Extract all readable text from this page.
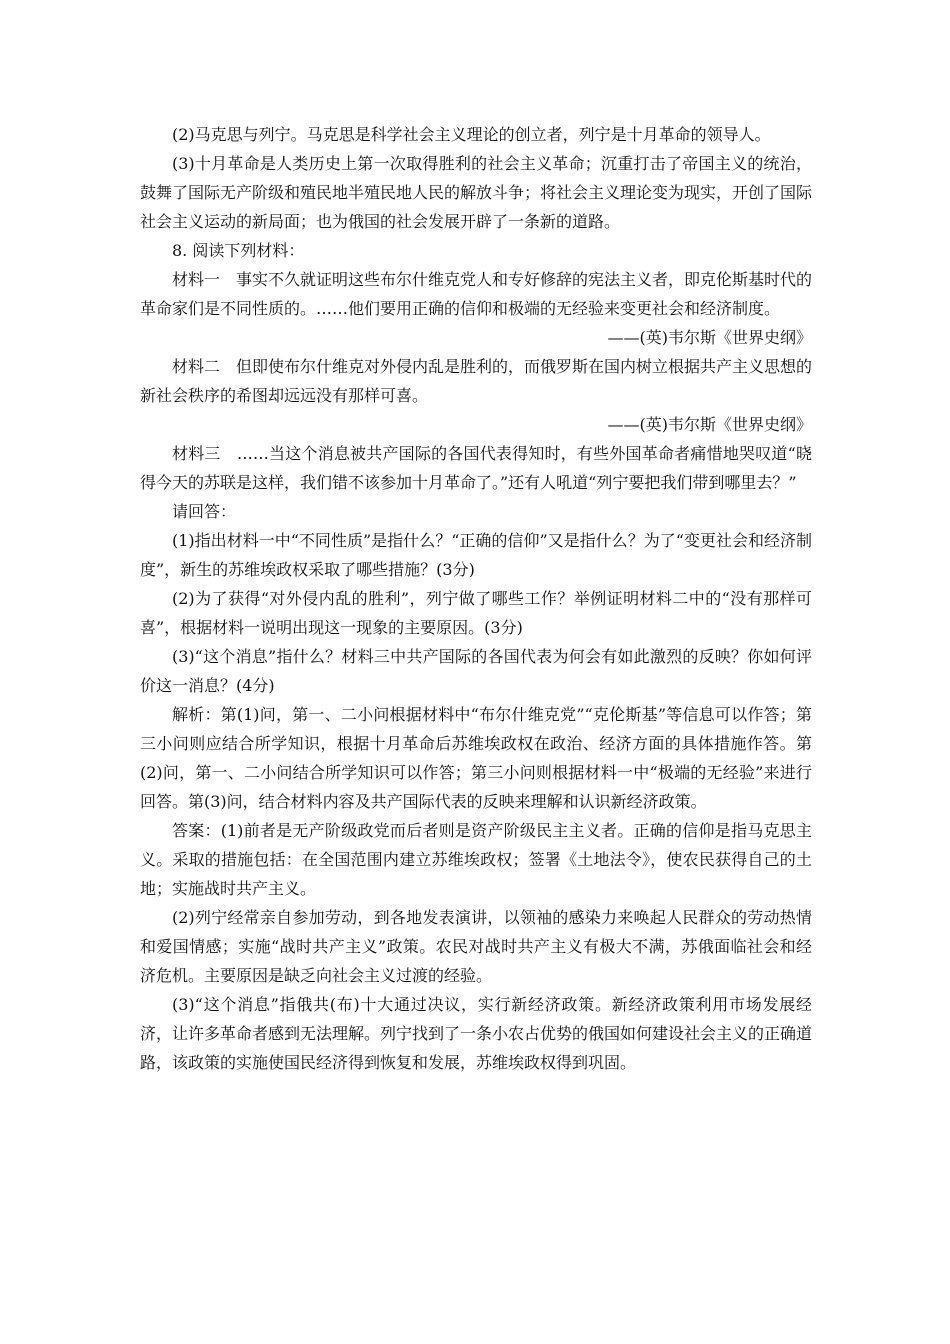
(2)马克思与列宁。马克思是科学社会主义理论的创立者，列宁是十月革命的领导人。

(3)十月革命是人类历史上第一次取得胜利的社会主义革命；沉重打击了帝国主义的统治，鼓舞了国际无产阶级和殖民地半殖民地人民的解放斗争；将社会主义理论变为现实，开创了国际社会主义运动的新局面；也为俄国的社会发展开辟了一条新的道路。

8. 阅读下列材料：

材料一　事实不久就证明这些布尔什维克党人和专好修辞的宪法主义者，即克伦斯基时代的革命家们是不同性质的。……他们要用正确的信仰和极端的无经验来变更社会和经济制度。

——(英)韦尔斯《世界史纲》

材料二　但即使布尔什维克对外侵内乱是胜利的，而俄罗斯在国内树立根据共产主义思想的新社会秩序的希图却远远没有那样可喜。

——(英)韦尔斯《世界史纲》

材料三　……当这个消息被共产国际的各国代表得知时，有些外国革命者痛惜地哭叹道“晓得今天的苏联是这样，我们错不该参加十月革命了。”还有人吼道“列宁要把我们带到哪里去？”

请回答：

(1)指出材料一中“不同性质”是指什么？“正确的信仰”又是指什么？为了“变更社会和经济制度”，新生的苏维埃政权采取了哪些措施？(3分)

(2)为了获得“对外侵内乱的胜利”，列宁做了哪些工作？举例证明材料二中的“没有那样可喜”，根据材料一说明出现这一现象的主要原因。(3分)

(3)“这个消息”指什么？材料三中共产国际的各国代表为何会有如此激烈的反映？你如何评价这一消息？(4分)

解析：第(1)问，第一、二小问根据材料中“布尔什维克党”“克伦斯基”等信息可以作答；第三小问则应结合所学知识，根据十月革命后苏维埃政权在政治、经济方面的具体措施作答。第(2)问，第一、二小问结合所学知识可以作答；第三小问则根据材料一中“极端的无经验”来进行回答。第(3)问，结合材料内容及共产国际代表的反映来理解和认识新经济政策。

答案：(1)前者是无产阶级政党而后者则是资产阶级民主主义者。正确的信仰是指马克思主义。采取的措施包括：在全国范围内建立苏维埃政权；签署《土地法令》，使农民获得自己的土地；实施战时共产主义。

(2)列宁经常亲自参加劳动，到各地发表演讲，以领袖的感染力来唤起人民群众的劳动热情和爱国情感；实施“战时共产主义”政策。农民对战时共产主义有极大不满，苏俄面临社会和经济危机。主要原因是缺乏向社会主义过渡的经验。

(3)“这个消息”指俄共(布)十大通过决议，实行新经济政策。新经济政策利用市场发展经济，让许多革命者感到无法理解。列宁找到了一条小农占优势的俄国如何建设社会主义的正确道路，该政策的实施使国民经济得到恢复和发展，苏维埃政权得到巩固。
